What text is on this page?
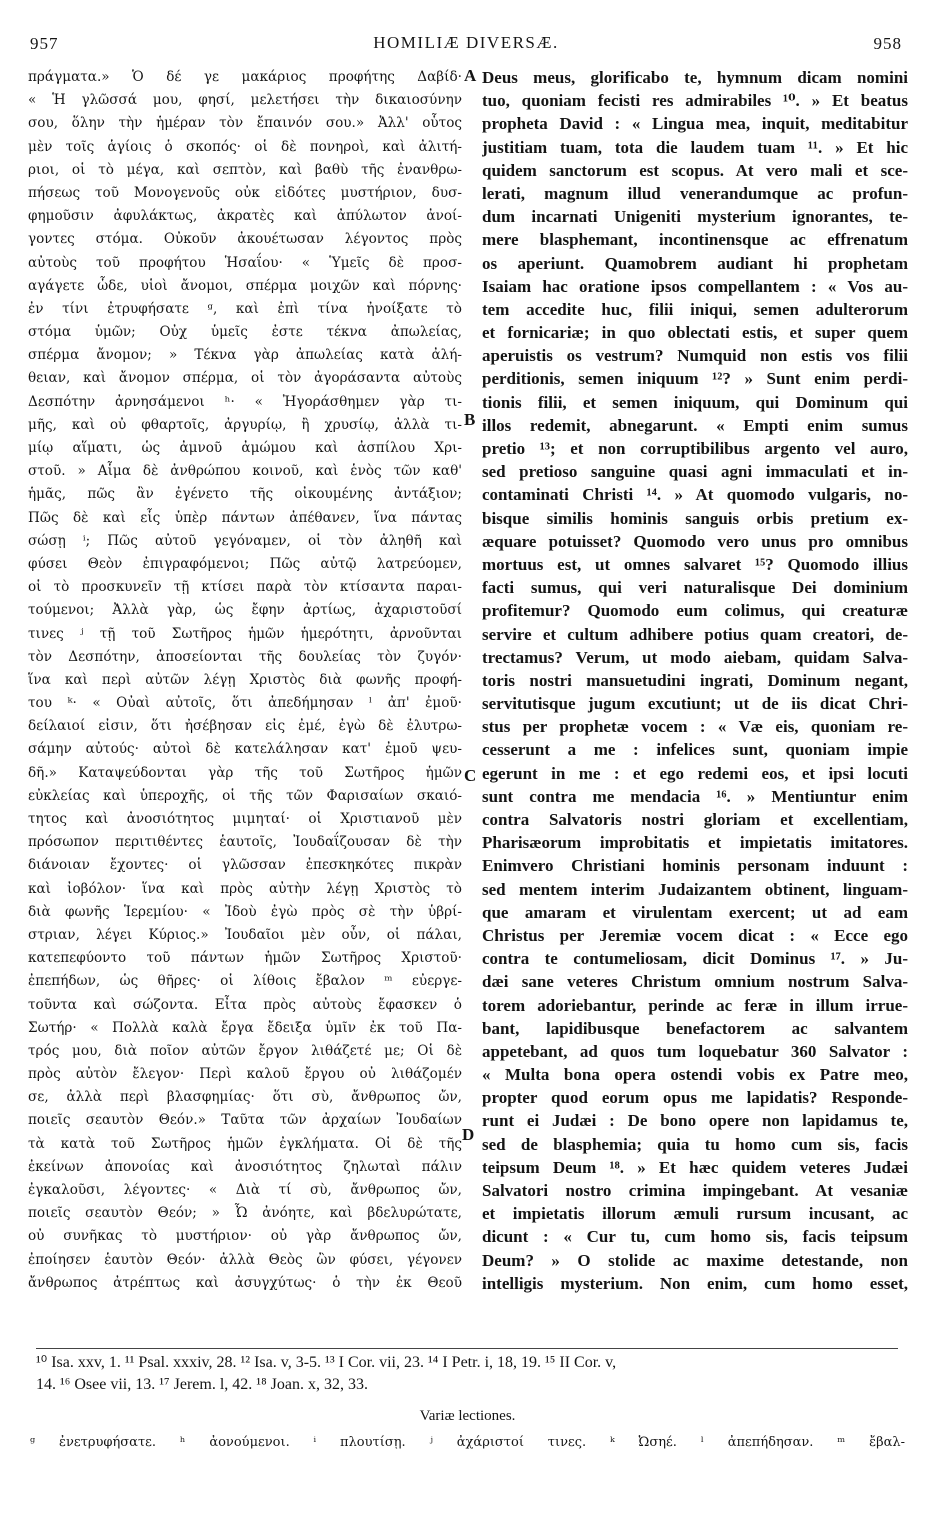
957	HOMILIÆ DIVERSÆ.	958
πράγματα.» Ὁ δέ γε μακάριος προφήτης Δαβίδ·
« Ἡ γλῶσσά μου, φησί, μελετήσει τὴν δικαιοσύνην
σου, ὅλην τὴν ἡμέραν τὸν ἔπαινόν σου.» Ἀλλ' οὗτος
μὲν τοῖς ἁγίοις ὁ σκοπός· οἱ δὲ πονηροὶ, καὶ ἀλιτή-
ριοι, οἱ τὸ μέγα, καὶ σεπτὸν, καὶ βαθὺ τῆς ἐνανθρω-
πήσεως τοῦ Μονογενοῦς οὐκ εἰδότες μυστήριον, δυσ-
φημοῦσιν ἀφυλάκτως, ἀκρατὲς καὶ ἀπύλωτον ἀνοί-
γοντες στόμα. Οὐκοῦν ἀκουέτωσαν λέγοντος πρὸς
αὐτοὺς τοῦ προφήτου Ἡσαΐου· « Ὑμεῖς δὲ προσ-
αγάγετε ὧδε, υἱοὶ ἄνομοι, σπέρμα μοιχῶν καὶ πόρνης·
ἐν τίνι ἐτρυφήσατε ᵍ, καὶ ἐπὶ τίνα ἠνοίξατε τὸ
στόμα ὑμῶν; Οὐχ ὑμεῖς ἐστε τέκνα ἀπωλείας,
σπέρμα ἄνομον; » Τέκνα γὰρ ἀπωλείας κατὰ ἀλή-
θειαν, καὶ ἄνομον σπέρμα, οἱ τὸν ἀγοράσαντα αὐτοὺς
Δεσπότην ἀρνησάμενοι ʰ· « Ἠγοράσθημεν γὰρ τι-
μῆς, καὶ οὐ φθαρτοῖς, ἀργυρίῳ, ἢ χρυσίῳ, ἀλλὰ τι-
μίῳ αἵματι, ὡς ἀμνοῦ ἀμώμου καὶ ἀσπίλου Χρι-
στοῦ. » Αἷμα δὲ ἀνθρώπου κοινοῦ, καὶ ἑνὸς τῶν καθ'
ἡμᾶς, πῶς ἂν ἐγένετο τῆς οἰκουμένης ἀντάξιον;
Πῶς δὲ καὶ εἷς ὑπὲρ πάντων ἀπέθανεν, ἵνα πάντας
σώσῃ ⁱ; Πῶς αὐτοῦ γεγόναμεν, οἱ τὸν ἀληθῆ καὶ
φύσει Θεὸν ἐπιγραφόμενοι; Πῶς αὐτῷ λατρεύομεν,
οἱ τὸ προσκυνεῖν τῇ κτίσει παρὰ τὸν κτίσαντα παραι-
τούμενοι; Ἀλλὰ γὰρ, ὡς ἔφην ἀρτίως, ἀχαριστοῦσί
τινες ʲ τῇ τοῦ Σωτῆρος ἡμῶν ἡμερότητι, ἀρνοῦνται
τὸν Δεσπότην, ἀποσείονται τῆς δουλείας τὸν ζυγόν·
ἵνα καὶ περὶ αὐτῶν λέγῃ Χριστὸς διὰ φωνῆς προφή-
του ᵏ· « Οὐαὶ αὐτοῖς, ὅτι ἀπεδήμησαν ˡ ἀπ' ἐμοῦ·
δείλαιοί εἰσιν, ὅτι ἠσέβησαν εἰς ἐμέ, ἐγὼ δὲ ἐλυτρω-
σάμην αὐτούς· αὐτοὶ δὲ κατελάλησαν κατ' ἐμοῦ ψευ-
δῆ.» Καταψεύδονται γὰρ τῆς τοῦ Σωτῆρος ἡμῶν
εὐκλείας καὶ ὑπεροχῆς, οἱ τῆς τῶν Φαρισαίων σκαιό-
τητος καὶ ἀνοσιότητος μιμηταί· οἱ Χριστιανοῦ μὲν
πρόσωπον περιτιθέντες ἑαυτοῖς, Ἰουδαΐζουσαν δὲ τὴν
διάνοιαν ἔχοντες· οἱ γλῶσσαν ἐπεσκηκότες πικρὰν
καὶ ἰοβόλον· ἵνα καὶ πρὸς αὐτὴν λέγῃ Χριστὸς τὸ
διὰ φωνῆς Ἱερεμίου· « Ἰδοὺ ἐγὼ πρὸς σὲ τὴν ὑβρί-
στριαν, λέγει Κύριος.» Ἰουδαῖοι μὲν οὖν, οἱ πάλαι,
κατεπεφύοντο τοῦ πάντων ἡμῶν Σωτῆρος Χριστοῦ·
ἐπεπήδων, ὡς θῆρες· οἱ λίθοις ἔβαλον ᵐ εὐεργε-
τοῦντα καὶ σώζοντα. Εἶτα πρὸς αὐτοὺς ἔφασκεν ὁ
Σωτήρ· « Πολλὰ καλὰ ἔργα ἔδειξα ὑμῖν ἐκ τοῦ Πα-
τρός μου, διὰ ποῖον αὐτῶν ἔργον λιθάζετέ με; Οἱ δὲ
πρὸς αὐτὸν ἔλεγον· Περὶ καλοῦ ἔργου οὐ λιθάζομέν
σε, ἀλλὰ περὶ βλασφημίας· ὅτι σὺ, ἄνθρωπος ὤν,
ποιεῖς σεαυτὸν Θεόν.» Ταῦτα τῶν ἀρχαίων Ἰουδαίων
τὰ κατὰ τοῦ Σωτῆρος ἡμῶν ἐγκλήματα. Οἱ δὲ τῆς
ἐκείνων ἀπονοίας καὶ ἀνοσιότητος ζηλωταὶ πάλιν
ἐγκαλοῦσι, λέγοντες· « Διὰ τί σὺ, ἄνθρωπος ὤν,
ποιεῖς σεαυτὸν Θεόν; » Ὦ ἀνόητε, καὶ βδελυρώτατε,
οὐ συνῆκας τὸ μυστήριον· οὐ γὰρ ἄνθρωπος ὤν,
ἐποίησεν ἑαυτὸν Θεόν· ἀλλὰ Θεὸς ὢν φύσει, γέγονεν
ἄνθρωπος ἀτρέπτως καὶ ἀσυγχύτως· ὁ τὴν ἐκ Θεοῦ
A
B
C
D
Deus meus, glorificabo te, hymnum dicam nomini
tuo, quoniam fecisti res admirabiles ¹⁰. » Et beatus
propheta David : « Lingua mea, inquit, meditabitur
justitiam tuam, tota die laudem tuam ¹¹. » Et hic
quidem sanctorum est scopus. At vero mali et sce-
lerati, magnum illud venerandumque ac profun-
dum incarnati Unigeniti mysterium ignorantes, te-
mere blasphemant, incontinensque ac effrenatum
os aperiunt. Quamobrem audiant hi prophetam
Isaiam hac oratione ipsos compellantem : « Vos au-
tem accedite huc, filii iniqui, semen adulterorum
et fornicariæ; in quo oblectati estis, et super quem
aperuistis os vestrum? Numquid non estis vos filii
perditionis, semen iniquum ¹²? » Sunt enim perdi-
tionis filii, et semen iniquum, qui Dominum qui
illos redemit, abnegarunt. « Empti enim sumus
pretio ¹³; et non corruptibilibus argento vel auro,
sed pretioso sanguine quasi agni immaculati et in-
contaminati Christi ¹⁴. » At quomodo vulgaris, no-
bisque similis hominis sanguis orbis pretium ex-
æquare potuisset? Quomodo vero unus pro omnibus
mortuus est, ut omnes salvaret ¹⁵? Quomodo illius
facti sumus, qui veri naturalisque Dei dominium
profitemur? Quomodo eum colimus, qui creaturæ
servire et cultum adhibere potius quam creatori, de-
trectamus? Verum, ut modo aiebam, quidam Salva-
toris nostri mansuetudini ingrati, Dominum negant,
servitutisque jugum excutiunt; ut de iis dicat Chri-
stus per prophetæ vocem : « Væ eis, quoniam re-
cesserunt a me : infelices sunt, quoniam impie
egerunt in me : et ego redemi eos, et ipsi locuti
sunt contra me mendacia ¹⁶. » Mentiuntur enim
contra Salvatoris nostri gloriam et excellentiam,
Pharisæorum improbitatis et impietatis imitatores.
Enimvero Christiani hominis personam induunt :
sed mentem interim Judaizantem obtinent, linguam-
que amaram et virulentam exercent; ut ad eam
Christus per Jeremiæ vocem dicat : « Ecce ego
contra te contumeliosam, dicit Dominus ¹⁷. » Ju-
dæi sane veteres Christum omnium nostrum Salva-
torem adoriebantur, perinde ac feræ in illum irrue-
bant, lapidibusque benefactorem ac salvantem
appetebant, ad quos tum loquebatur 360 Salvator :
« Multa bona opera ostendi vobis ex Patre meo,
propter quod eorum opus me lapidatis? Responde-
runt ei Judæi : De bono opere non lapidamus te,
sed de blasphemia; quia tu homo cum sis, facis
teipsum Deum ¹⁸. » Et hæc quidem veteres Judæi
Salvatori nostro crimina impingebant. At vesaniæ
et impietatis illorum æmuli rursum incusant, ac
dicunt : « Cur tu, cum homo sis, facis teipsum
Deum? » O stolide ac maxime detestande, non
intelligis mysterium. Non enim, cum homo esset,
¹⁰ Isa. xxv, 1. ¹¹ Psal. xxxiv, 28. ¹² Isa. v, 3-5. ¹³ I Cor. vii, 23. ¹⁴ I Petr. i, 18, 19. ¹⁵ II Cor. v,
14. ¹⁶ Osee vii, 13. ¹⁷ Jerem. l, 42. ¹⁸ Joan. x, 32, 33.
Variæ lectiones.
ᵍ ἐνετρυφήσατε. ʰ ἀονούμενοι. ⁱ πλουτίσῃ. ʲ ἀχάριστοί τινες. ᵏ Ὠσηέ. ˡ ἀπεπήδησαν. ᵐ ἔβαλ-
